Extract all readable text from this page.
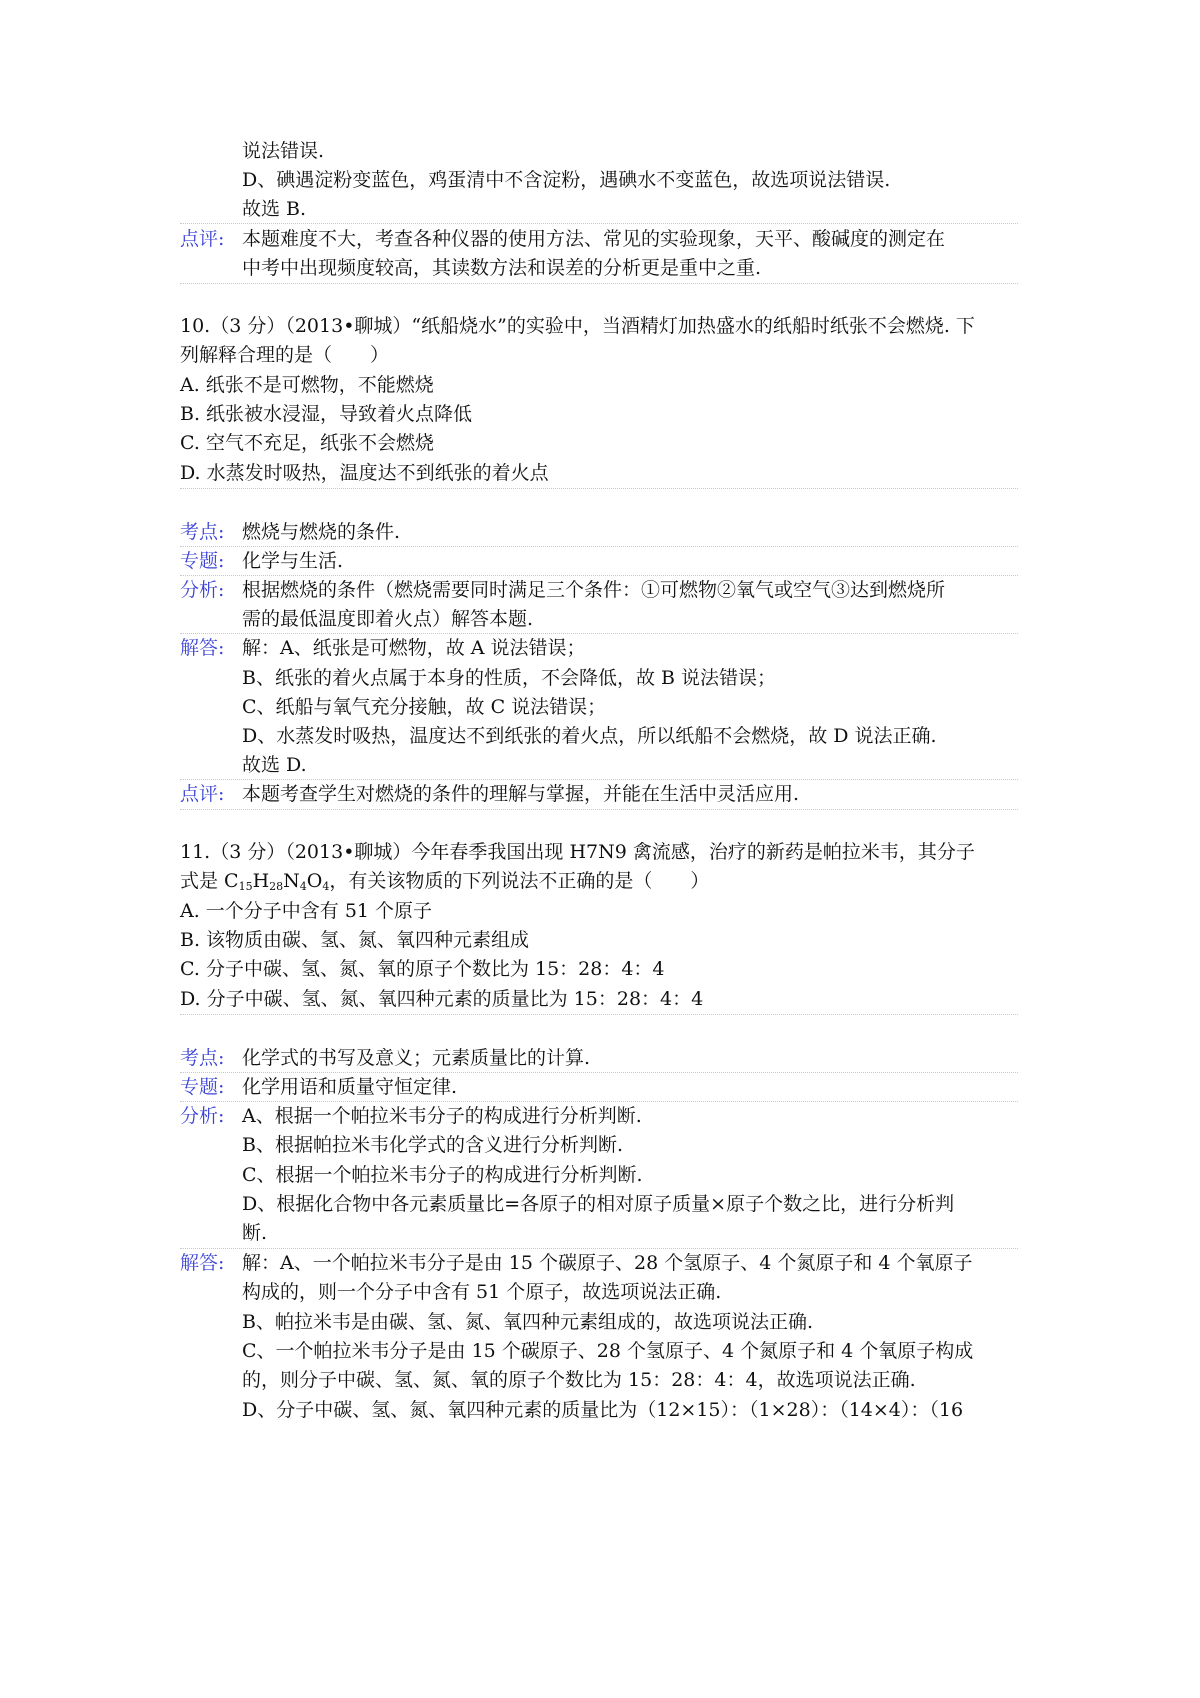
说法错误.
D、碘遇淀粉变蓝色，鸡蛋清中不含淀粉，遇碘水不变蓝色，故选项说法错误.
故选 B.
点评: 本题难度不大，考查各种仪器的使用方法、常见的实验现象，天平、酸碱度的测定在
中考中出现频度较高，其读数方法和误差的分析更是重中之重.
10.（3 分）（2013•聊城）“纸船烧水”的实验中，当酒精灯加热盛水的纸船时纸张不会燃烧. 下
列解释合理的是（　　）
A. 纸张不是可燃物，不能燃烧
B. 纸张被水浸湿，导致着火点降低
C. 空气不充足，纸张不会燃烧
D. 水蒸发时吸热，温度达不到纸张的着火点
考点: 燃烧与燃烧的条件.
专题: 化学与生活.
分析: 根据燃烧的条件（燃烧需要同时满足三个条件：①可燃物②氧气或空气③达到燃烧所
需的最低温度即着火点）解答本题.
解答: 解：A、纸张是可燃物，故 A 说法错误；
B、纸张的着火点属于本身的性质，不会降低，故 B 说法错误；
C、纸船与氧气充分接触，故 C 说法错误；
D、水蒸发时吸热，温度达不到纸张的着火点，所以纸船不会燃烧，故 D 说法正确.
故选 D.
点评: 本题考查学生对燃烧的条件的理解与掌握，并能在生活中灵活应用.
11.（3 分）（2013•聊城）今年春季我国出现 H7N9 禽流感，治疗的新药是帕拉米韦，其分子
式是 $C_{15}H_{28}N_4O_4$，有关该物质的下列说法不正确的是（　　）
A. 一个分子中含有 51 个原子
B. 该物质由碳、氢、氮、氧四种元素组成
C. 分子中碳、氢、氮、氧的原子个数比为 15：28：4：4
D. 分子中碳、氢、氮、氧四种元素的质量比为 15：28：4：4
考点: 化学式的书写及意义；元素质量比的计算.
专题: 化学用语和质量守恒定律.
分析: A、根据一个帕拉米韦分子的构成进行分析判断.
B、根据帕拉米韦化学式的含义进行分析判断.
C、根据一个帕拉米韦分子的构成进行分析判断.
D、根据化合物中各元素质量比=各原子的相对原子质量×原子个数之比，进行分析判
断.
解答: 解：A、一个帕拉米韦分子是由 15 个碳原子、28 个氢原子、4 个氮原子和 4 个氧原子
构成的，则一个分子中含有 51 个原子，故选项说法正确.
B、帕拉米韦是由碳、氢、氮、氧四种元素组成的，故选项说法正确.
C、一个帕拉米韦分子是由 15 个碳原子、28 个氢原子、4 个氮原子和 4 个氧原子构成
的，则分子中碳、氢、氮、氧的原子个数比为 15：28：4：4，故选项说法正确.
D、分子中碳、氢、氮、氧四种元素的质量比为（12×15）：（1×28）：（14×4）：（16
